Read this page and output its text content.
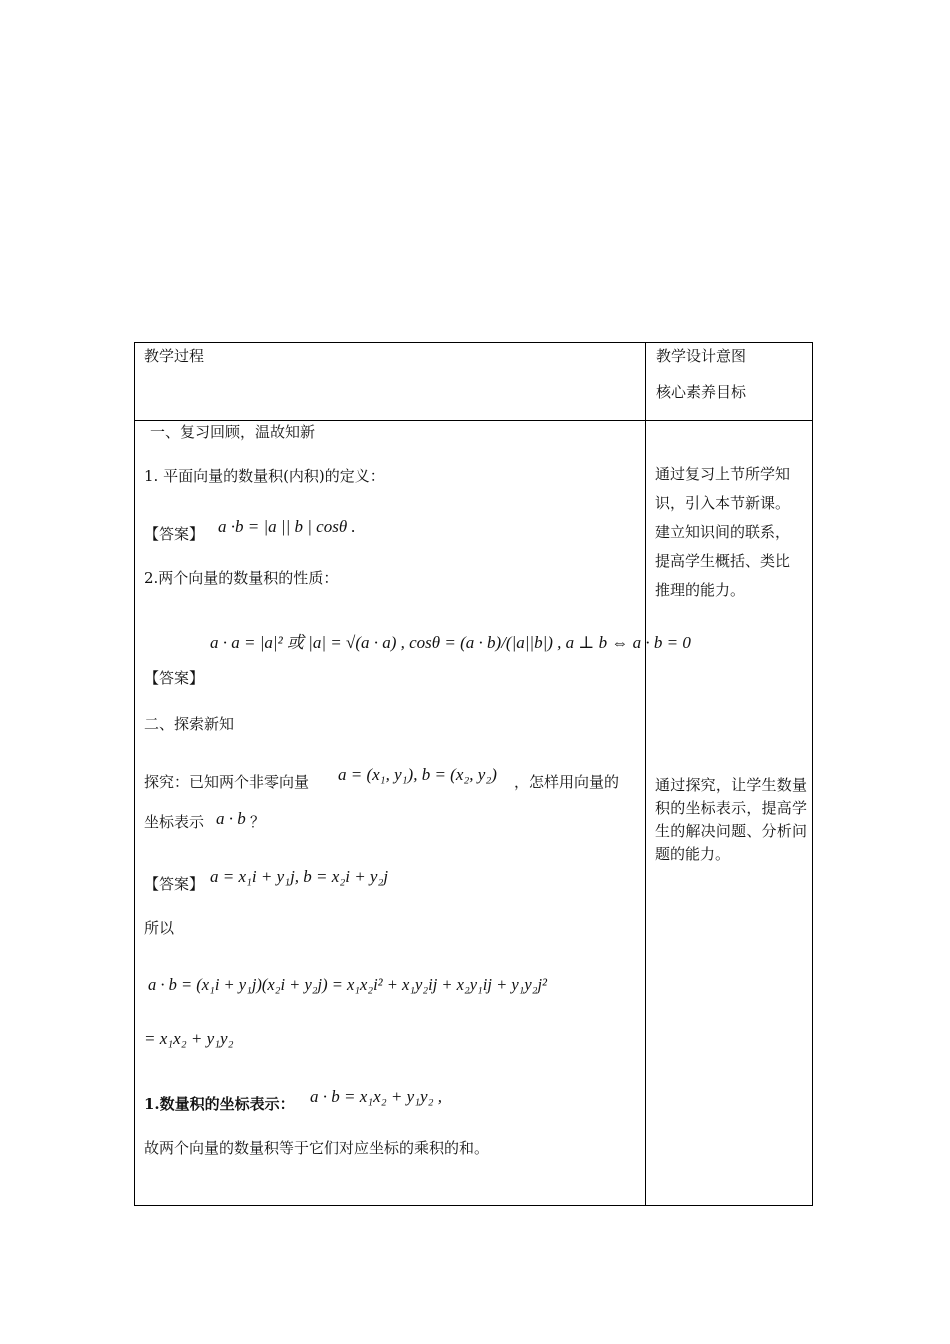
教学过程	教学设计意图
核心素养目标
一、复习回顾，温故知新
1. 平面向量的数量积(内积)的定义：
【答案】 a ·b = |a || b | cosθ .
2.两个向量的数量积的性质：
a · a = |a|² 或 |a| = √(a · a) , cosθ = (a · b)/(|a||b|) , a ⊥ b ⇔ a · b = 0
【答案】
二、探索新知
探究：已知两个非零向量 a = (x₁, y₁), b = (x₂, y₂) ，怎样用向量的
坐标表示 a · b ？
【答案】 a = x₁i + y₁j, b = x₂i + y₂j
所以
a · b = (x₁i + y₁j)(x₂i + y₂j) = x₁x₂i² + x₁y₂ij + x₂y₁ij + y₁y₂j²
= x₁x₂ + y₁y₂
1.数量积的坐标表示： a · b = x₁x₂ + y₁y₂ ,
故两个向量的数量积等于它们对应坐标的乘积的和。
通过复习上节所学知识，引入本节新课。建立知识间的联系，提高学生概括、类比推理的能力。
通过探究，让学生数量积的坐标表示，提高学生的解决问题、分析问题的能力。
